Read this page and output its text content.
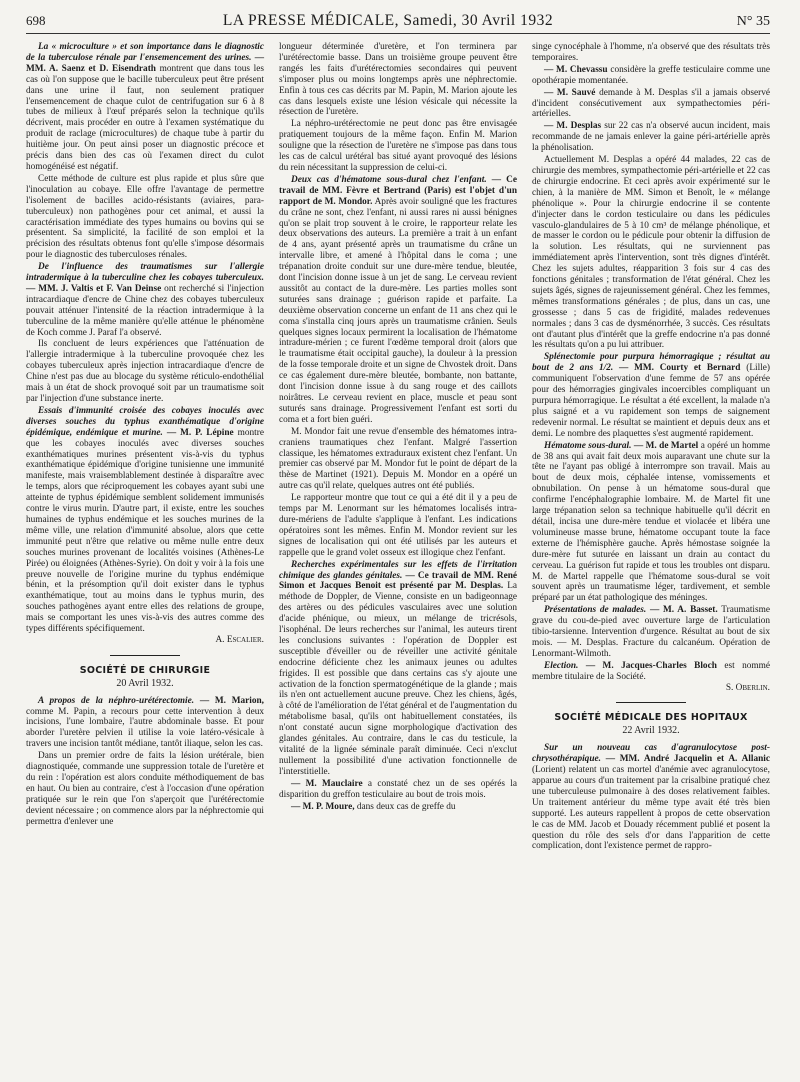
698	LA PRESSE MÉDICALE, Samedi, 30 Avril 1932	N° 35

La « microculture » et son importance dans le diagnostic de la tuberculose rénale par l'ensemencement des urines. — MM. A. Saenz et D. Eisendrath montrent que dans tous les cas où l'on suppose que le bacille tuberculeux peut être présent dans une urine il faut, non seulement pratiquer l'ensemencement de chaque culot de centrifugation sur 6 à 8 tubes de milieux à l'œuf préparés selon la technique qu'ils décrivent, mais procéder en outre à l'examen systématique du produit de raclage (microcultures) de chaque tube à partir du huitième jour. On peut ainsi poser un diagnostic précoce et précis dans bien des cas où l'examen direct du culot homogénéisé est négatif.

Cette méthode de culture est plus rapide et plus sûre que l'inoculation au cobaye. Elle offre l'avantage de permettre l'isolement de bacilles acido-résistants (aviaires, para-tuberculeux) non pathogènes pour cet animal, et aussi la caractérisation immédiate des types humains ou bovins qui se présentent. Sa simplicité, la facilité de son emploi et la précision des résultats obtenus font qu'elle s'impose désormais pour le diagnostic des tuberculoses rénales.

De l'influence des traumatismes sur l'allergie intradermique à la tuberculine chez les cobayes tuberculeux. — MM. J. Valtis et F. Van Deinse ont recherché si l'injection intracardiaque d'encre de Chine chez des cobayes tuberculeux pouvait atténuer l'intensité de la réaction intradermique à la tuberculine de la même manière qu'elle atténue le phénomène de Koch comme J. Paraf l'a observé.

Ils concluent de leurs expériences que l'atténuation de l'allergie intradermique à la tuberculine provoquée chez les cobayes tuberculeux après injection intracardiaque d'encre de Chine n'est pas due au blocage du système réticulo-endothélial mais à un état de shock provoqué soit par un traumatisme soit par l'injection d'une substance inerte.

Essais d'immunité croisée des cobayes inoculés avec diverses souches du typhus exanthématique d'origine épidémique, endémique et murine. — M. P. Lépine montre que les cobayes inoculés avec diverses souches exanthématiques murines présentent vis-à-vis du typhus exanthématique épidémique d'origine tunisienne une immunité manifeste, mais vraisemblablement destinée à disparaître avec le temps, alors que réciproquement les cobayes ayant subi une atteinte de typhus épidémique semblent solidement immunisés contre le virus murin. D'autre part, il existe, entre les souches humaines de typhus endémique et les souches murines de la même ville, une relation d'immunité absolue, alors que cette immunité peut n'être que relative ou même nulle entre deux souches murines provenant de localités voisines (Athènes-Le Pirée) ou éloignées (Athènes-Syrie). On doit y voir à la fois une preuve nouvelle de l'origine murine du typhus endémique bénin, et la présomption qu'il doit exister dans le typhus exanthématique, tout au moins dans le typhus murin, des souches pathogènes ayant entre elles des relations de groupe, mais se comportant les unes vis-à-vis des autres comme des types différents spécifiquement.

A. Escalier.

SOCIÉTÉ DE CHIRURGIE
20 Avril 1932.

A propos de la néphro-urétérectomie. — M. Marion, comme M. Papin, a recours pour cette intervention à deux incisions, l'une lombaire, l'autre abdominale basse. Et pour aborder l'uretère pelvien il utilise la voie latéro-vésicale à travers une incision tantôt médiane, tantôt iliaque, selon les cas.

Dans un premier ordre de faits la lésion urétérale, bien diagnostiquée, commande une suppression totale de l'uretère et du rein : l'opération est alors conduite méthodiquement de bas en haut. Ou bien au contraire, c'est à l'occasion d'une opération pratiquée sur le rein que l'on s'aperçoit que l'urétérectomie devient nécessaire ; on commence alors par la néphrectomie qui permettra d'enlever une

longueur déterminée d'uretère, et l'on terminera par l'urétérectomie basse. Dans un troisième groupe peuvent être rangés les faits d'urétérectomies secondaires qui peuvent s'imposer plus ou moins longtemps après une néphrectomie. Enfin à tous ces cas décrits par M. Papin, M. Marion ajoute les cas dans lesquels existe une lésion vésicale qui nécessite la résection de l'uretère.

La néphro-urétérectomie ne peut donc pas être envisagée pratiquement toujours de la même façon. Enfin M. Marion souligne que la résection de l'uretère ne s'impose pas dans tous les cas de calcul urétéral bas situé ayant provoqué des lésions du rein nécessitant la suppression de celui-ci.

Deux cas d'hématome sous-dural chez l'enfant. — Ce travail de MM. Fèvre et Bertrand (Paris) est l'objet d'un rapport de M. Mondor. Après avoir souligné que les fractures du crâne ne sont, chez l'enfant, ni aussi rares ni aussi bénignes qu'on se plait trop souvent à le croire, le rapporteur relate les deux observations des auteurs. La première a trait à un enfant de 4 ans, ayant présenté après un traumatisme du crâne un intervalle libre, et amené à l'hôpital dans le coma ; une trépanation droite conduit sur une dure-mère tendue, bleutée, dont l'incision donne issue à un jet de sang. Le cerveau revient aussitôt au contact de la dure-mère. Les parties molles sont suturées sans drainage ; guérison rapide et parfaite. La deuxième observation concerne un enfant de 11 ans chez qui le coma s'installa cinq jours après un traumatisme crânien. Seuls quelques signes locaux permirent la localisation de l'hématome intradure-mérien ; ce furent l'œdème temporal droit (alors que le traumatisme était occipital gauche), la douleur à la pression de la fosse temporale droite et un signe de Chvostek droit. Dans ce cas également dure-mère bleutée, bombante, non battante, dont l'incision donne issue à du sang rouge et des caillots noirâtres. Le cerveau revient en place, muscle et peau sont suturés sans drainage. Progressivement l'enfant est sorti du coma et a fort bien guéri.

M. Mondor fait une revue d'ensemble des hématomes intra-craniens traumatiques chez l'enfant. Malgré l'assertion classique, les hématomes extraduraux existent chez l'enfant. Un premier cas observé par M. Mondor fut le point de départ de la thèse de Martinet (1921). Depuis M. Mondor en a opéré un autre cas qu'il relate, quelques autres ont été publiés.

Le rapporteur montre que tout ce qui a été dit il y a peu de temps par M. Lenormant sur les hématomes localisés intra-dure-mériens de l'adulte s'applique à l'enfant. Les indications opératoires sont les mêmes. Enfin M. Mondor revient sur les signes de localisation qui ont été utilisés par les auteurs et rappelle que le grand volet osseux est illogique chez l'enfant.

Recherches expérimentales sur les effets de l'irritation chimique des glandes génitales. — Ce travail de MM. René Simon et Jacques Benoit est présenté par M. Desplas. La méthode de Doppler, de Vienne, consiste en un badigeonnage des artères ou des pédicules vasculaires avec une solution d'acide phénique, ou mieux, un mélange de tricrésols, l'isophénal. De leurs recherches sur l'animal, les auteurs tirent les conclusions suivantes : l'opération de Doppler est susceptible d'éveiller ou de réveiller une activité génitale endocrine déficiente chez les animaux jeunes ou adultes frigides. Il est possible que dans certains cas s'y ajoute une activation de la fonction spermatogénétique de la glande ; mais ils n'en ont actuellement aucune preuve. Chez les chiens, âgés, à côté de l'amélioration de l'état général et de l'augmentation du métabolisme basal, qu'ils ont habituellement constatées, ils n'ont constaté aucun signe morphologique d'activation des glandes génitales. Au contraire, dans le cas du testicule, la vitalité de la lignée séminale paraît diminuée. Ceci n'exclut nullement la possibilité d'une activation fonctionnelle de l'interstitielle.

— M. Mauclaire a constaté chez un de ses opérés la disparition du greffon testiculaire au bout de trois mois.

— M. P. Moure, dans deux cas de greffe du

singe cynocéphale à l'homme, n'a observé que des résultats très temporaires.

— M. Chevassu considère la greffe testiculaire comme une opothérapie momentanée.

— M. Sauvé demande à M. Desplas s'il a jamais observé d'incident consécutivement aux sympathectomies péri-artérielles.

— M. Desplas sur 22 cas n'a observé aucun incident, mais recommande de ne jamais enlever la gaine péri-artérielle après la phénolisation.

Actuellement M. Desplas a opéré 44 malades, 22 cas de chirurgie des membres, sympathectomie péri-artérielle et 22 cas de chirurgie endocrine. Et ceci après avoir expérimenté sur le chien, à la manière de MM. Simon et Benoît, le « mélange phénolique ». Pour la chirurgie endocrine il se contente d'injecter dans le cordon testiculaire ou dans les pédicules vasculo-glandulaires de 5 à 10 cm³ de mélange phénolique, et de masser le cordon ou le pédicule pour obtenir la diffusion de la solution. Les résultats, qui ne surviennent pas immédiatement après l'intervention, sont très dignes d'intérêt. Chez les sujets adultes, réapparition 3 fois sur 4 cas des fonctions génitales ; transformation de l'état général. Chez les sujets âgés, signes de rajeunissement général. Chez les femmes, mêmes transformations générales ; de plus, dans un cas, une grossesse ; dans 5 cas de frigidité, malades redevenues normales ; dans 3 cas de dysménorrhée, 3 succès. Ces résultats ont d'autant plus d'intérêt que la greffe endocrine n'a pas donné les résultats qu'on a pu lui attribuer.

Splénectomie pour purpura hémorragique ; résultat au bout de 2 ans 1/2. — MM. Courty et Bernard (Lille) communiquent l'observation d'une femme de 57 ans opérée pour des hémorragies gingivales incoercibles compliquant un purpura hémorragique. Le résultat a été excellent, la malade n'a plus saigné et a vu rapidement son temps de saignement redevenir normal. Le résultat se maintient et depuis deux ans et demi. Le nombre des plaquettes s'est augmenté rapidement.

Hématome sous-dural. — M. de Martel a opéré un homme de 38 ans qui avait fait deux mois auparavant une chute sur la tête ne l'ayant pas obligé à interrompre son travail. Mais au bout de deux mois, céphalée intense, vomissements et obnubilation. On pense à un hématome sous-dural que confirme l'encéphalographie lombaire. M. de Martel fit une large trépanation selon sa technique habituelle qu'il décrit en détail, incisa une dure-mère tendue et violacée et libéra une volumineuse masse brune, hématome occupant toute la face externe de l'hémisphère gauche. Après hémostase soignée la dure-mère fut suturée en laissant un drain au contact du cerveau. La guérison fut rapide et tous les troubles ont disparu. M. de Martel rappelle que l'hématome sous-dural se voit souvent après un traumatisme léger, tardivement, et semble préparé par un état pathologique des méninges.

Présentations de malades. — M. A. Basset. Traumatisme grave du cou-de-pied avec ouverture large de l'articulation tibio-tarsienne. Intervention d'urgence. Résultat au bout de six mois. — M. Desplas. Fracture du calcanéum. Opération de Lenormant-Wilmoth.

Election. — M. Jacques-Charles Bloch est nommé membre titulaire de la Société.

S. Oberlin.

SOCIÉTÉ MÉDICALE DES HOPITAUX
22 Avril 1932.

Sur un nouveau cas d'agranulocytose post-chrysothérapique. — MM. André Jacquelin et A. Allanic (Lorient) relatent un cas mortel d'anémie avec agranulocytose, apparue au cours d'un traitement par la crisalbine pratiqué chez une tuberculeuse pulmonaire à des doses relativement faibles. Un traitement antérieur du même type avait été très bien supporté. Les auteurs rappellent à propos de cette observation le cas de MM. Jacob et Douady récemment publié et posent la question du rôle des sels d'or dans l'apparition de cette complication, dont l'existence permet de rappro-
